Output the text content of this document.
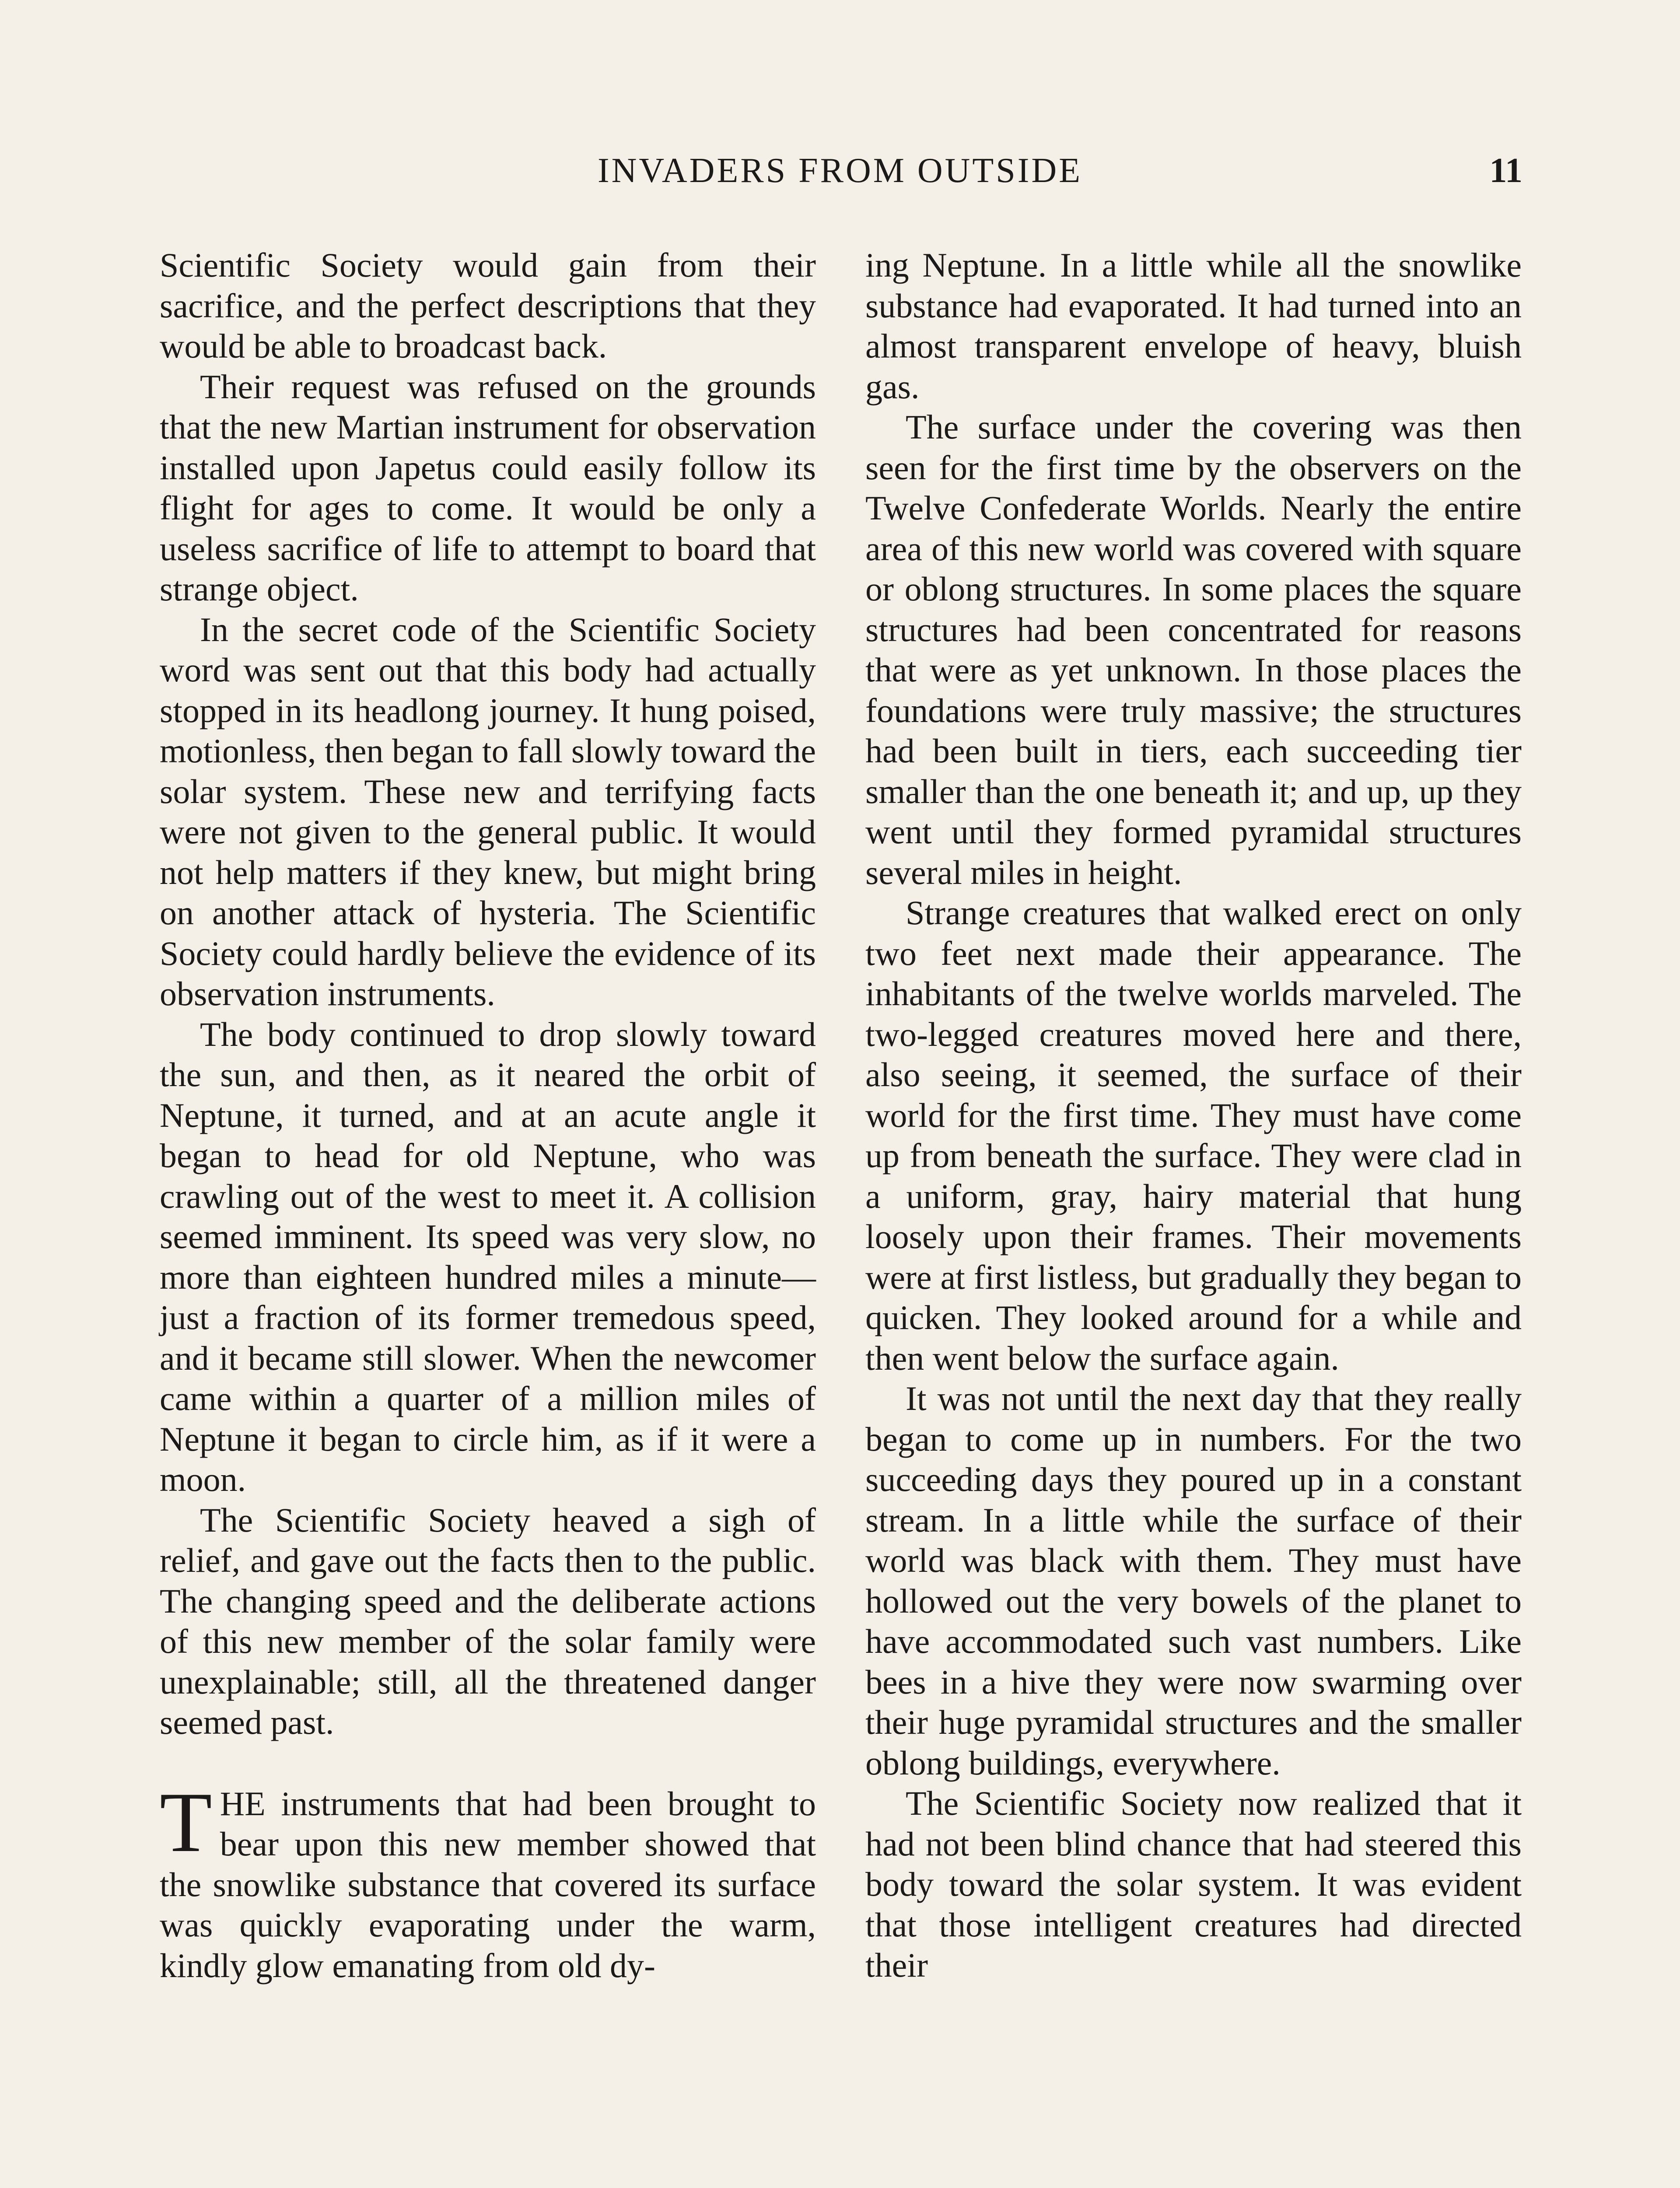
INVADERS FROM OUTSIDE	11

Scientific Society would gain from their sacrifice, and the perfect descriptions that they would be able to broadcast back.

Their request was refused on the grounds that the new Martian instrument for observation installed upon Japetus could easily follow its flight for ages to come. It would be only a useless sacrifice of life to attempt to board that strange object.

In the secret code of the Scientific Society word was sent out that this body had actually stopped in its headlong journey. It hung poised, motionless, then began to fall slowly toward the solar system. These new and terrifying facts were not given to the general public. It would not help matters if they knew, but might bring on another attack of hysteria. The Scientific Society could hardly believe the evidence of its observation instruments.

The body continued to drop slowly toward the sun, and then, as it neared the orbit of Neptune, it turned, and at an acute angle it began to head for old Neptune, who was crawling out of the west to meet it. A collision seemed imminent. Its speed was very slow, no more than eighteen hundred miles a minute—just a fraction of its former tremedous speed, and it became still slower. When the newcomer came within a quarter of a million miles of Neptune it began to circle him, as if it were a moon.

The Scientific Society heaved a sigh of relief, and gave out the facts then to the public. The changing speed and the deliberate actions of this new member of the solar family were unexplainable; still, all the threatened danger seemed past.

THE instruments that had been brought to bear upon this new member showed that the snowlike substance that covered its surface was quickly evaporating under the warm, kindly glow emanating from old dy-

ing Neptune. In a little while all the snowlike substance had evaporated. It had turned into an almost transparent envelope of heavy, bluish gas.

The surface under the covering was then seen for the first time by the observers on the Twelve Confederate Worlds. Nearly the entire area of this new world was covered with square or oblong structures. In some places the square structures had been concentrated for reasons that were as yet unknown. In those places the foundations were truly massive; the structures had been built in tiers, each succeeding tier smaller than the one beneath it; and up, up they went until they formed pyramidal structures several miles in height.

Strange creatures that walked erect on only two feet next made their appearance. The inhabitants of the twelve worlds marveled. The two-legged creatures moved here and there, also seeing, it seemed, the surface of their world for the first time. They must have come up from beneath the surface. They were clad in a uniform, gray, hairy material that hung loosely upon their frames. Their movements were at first listless, but gradually they began to quicken. They looked around for a while and then went below the surface again.

It was not until the next day that they really began to come up in numbers. For the two succeeding days they poured up in a constant stream. In a little while the surface of their world was black with them. They must have hollowed out the very bowels of the planet to have accommodated such vast numbers. Like bees in a hive they were now swarming over their huge pyramidal structures and the smaller oblong buildings, everywhere.

The Scientific Society now realized that it had not been blind chance that had steered this body toward the solar system. It was evident that those intelligent creatures had directed their
